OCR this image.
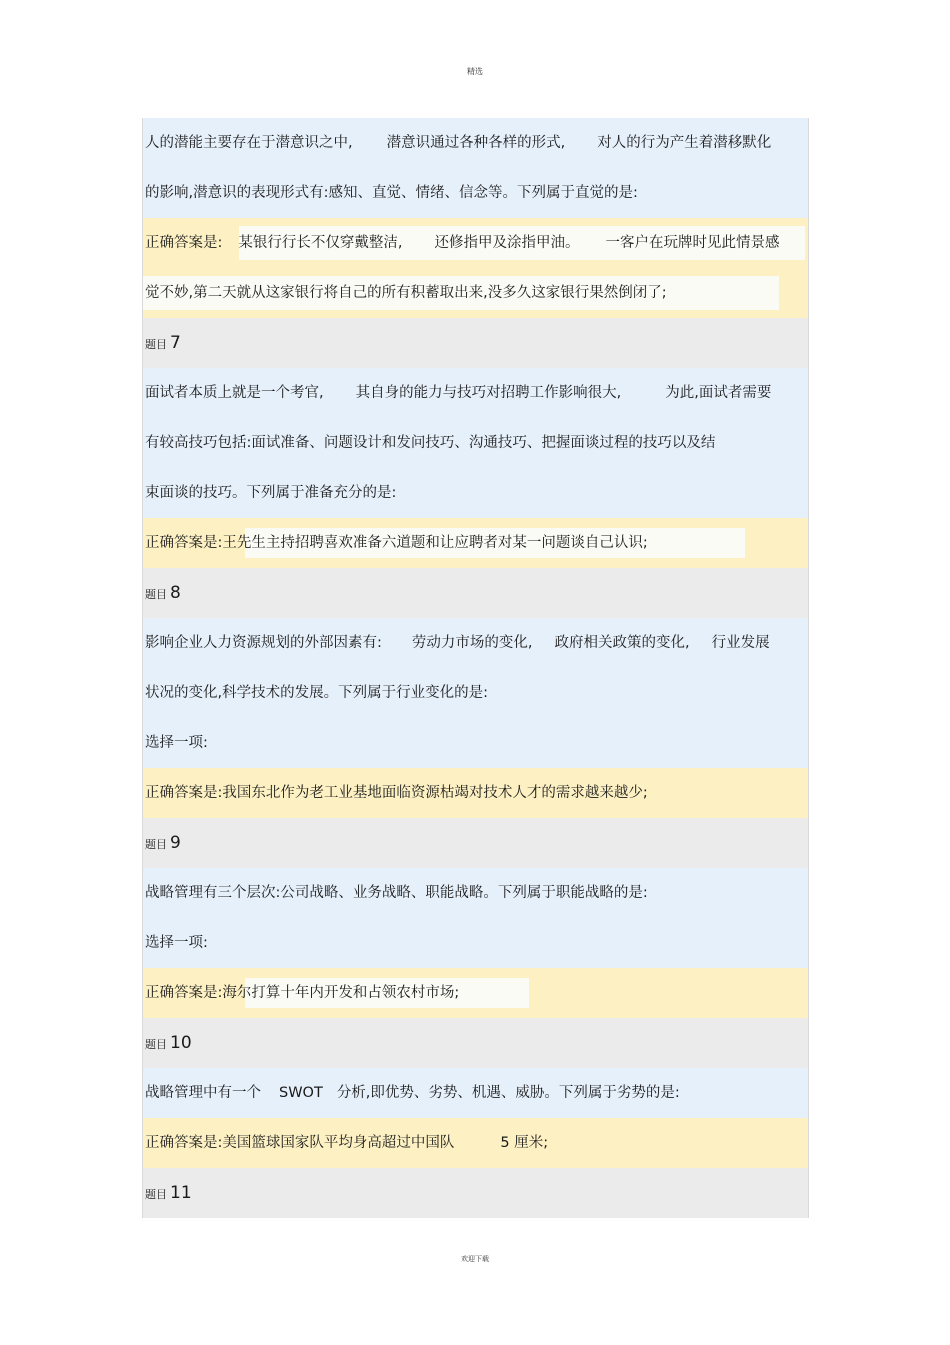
精选
人的潜能主要存在于潜意识之中, 潜意识通过各种各样的形式, 对人的行为产生着潜移默化
的影响,潜意识的表现形式有:感知、直觉、情绪、信念等。下列属于直觉的是:
正确答案是: 某银行行长不仅穿戴整洁, 还修指甲及涂指甲油。 一客户在玩牌时见此情景感
觉不妙,第二天就从这家银行将自己的所有积蓄取出来,没多久这家银行果然倒闭了;
题目 7
面试者本质上就是一个考官, 其自身的能力与技巧对招聘工作影响很大,	为此,面试者需要
有较高技巧包括:面试准备、问题设计和发问技巧、沟通技巧、把握面谈过程的技巧以及结
束面谈的技巧。下列属于准备充分的是:
正确答案是:王先生主持招聘喜欢准备六道题和让应聘者对某一问题谈自己认识;
题目 8
影响企业人力资源规划的外部因素有: 劳动力市场的变化, 政府相关政策的变化, 行业发展
状况的变化,科学技术的发展。下列属于行业变化的是:
选择一项:
正确答案是:我国东北作为老工业基地面临资源枯竭对技术人才的需求越来越少;
题目 9
战略管理有三个层次:公司战略、业务战略、职能战略。下列属于职能战略的是:
选择一项:
正确答案是:海尔打算十年内开发和占领农村市场;
题目 10
战略管理中有一个 SWOT 分析,即优势、劣势、机遇、威胁。下列属于劣势的是:
正确答案是:美国篮球国家队平均身高超过中国队	5 厘米;
题目 11
欢迎下载
